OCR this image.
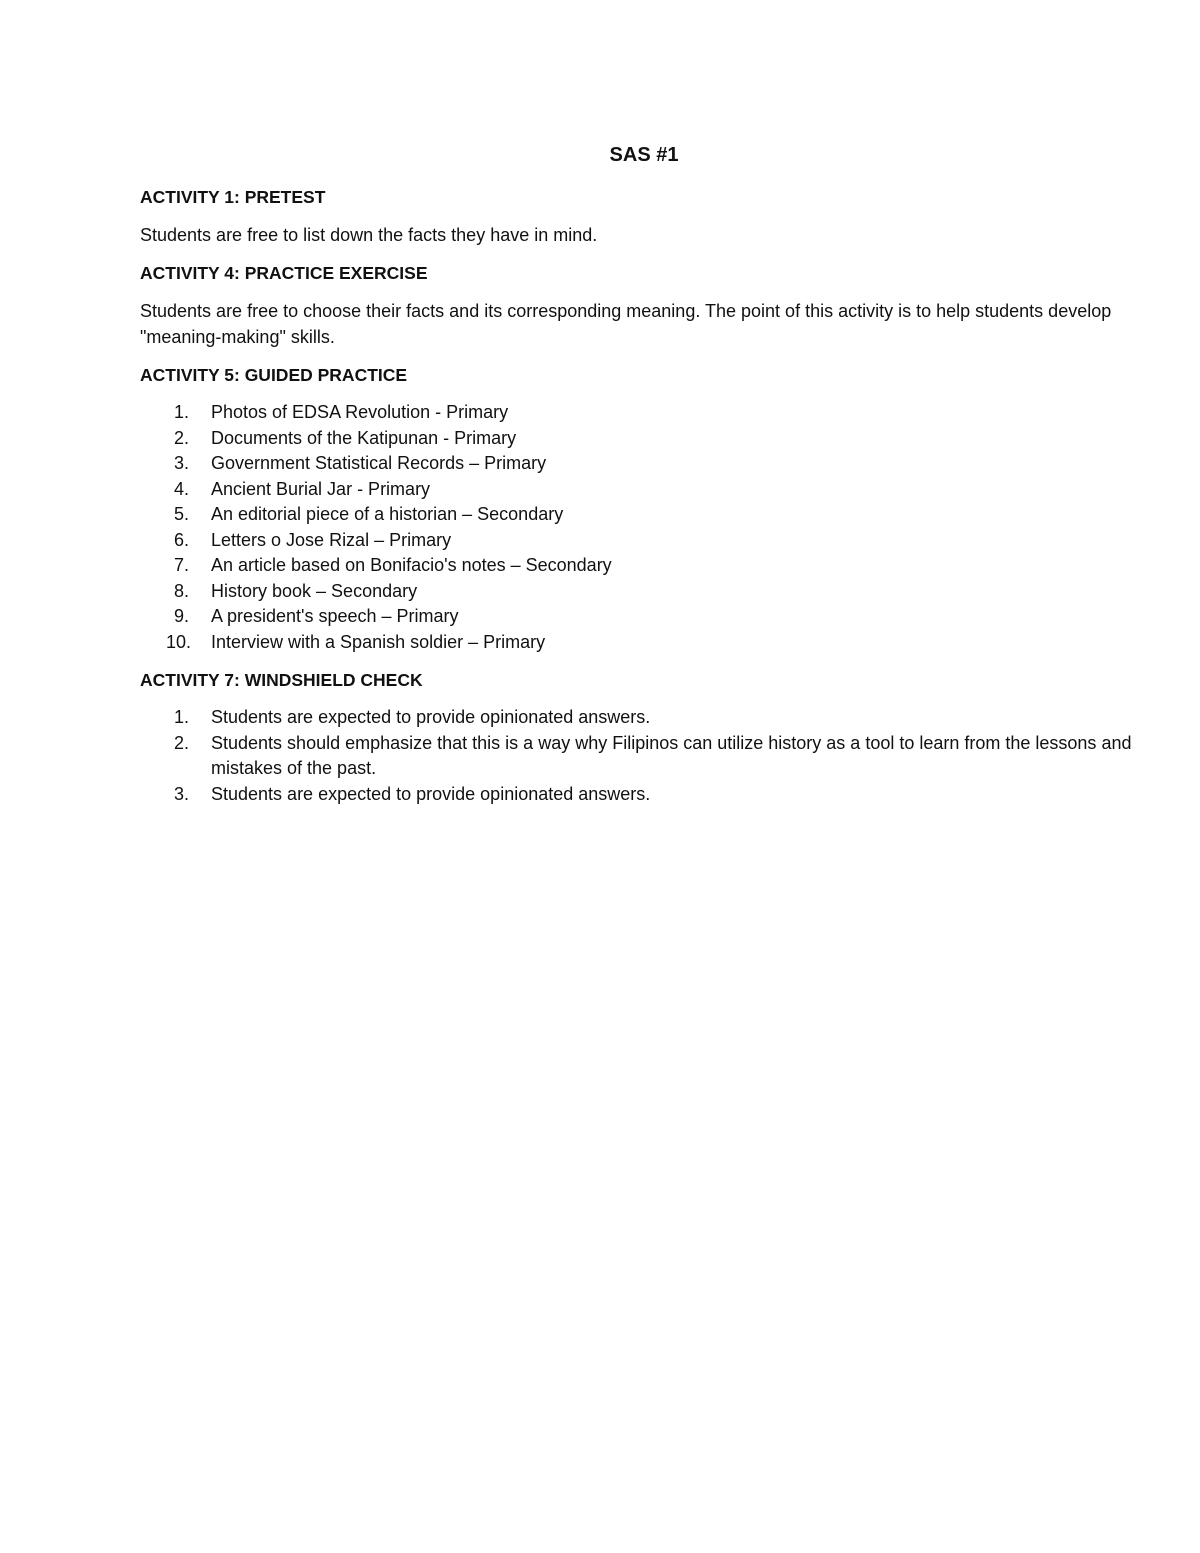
SAS #1
ACTIVITY 1: PRETEST
Students are free to list down the facts they have in mind.
ACTIVITY 4: PRACTICE EXERCISE
Students are free to choose their facts and its corresponding meaning. The point of this activity is to help students develop "meaning-making" skills.
ACTIVITY 5: GUIDED PRACTICE
1.	Photos of EDSA Revolution - Primary
2.	Documents of the Katipunan - Primary
3.	Government Statistical Records – Primary
4.	Ancient Burial Jar - Primary
5.	An editorial piece of a historian – Secondary
6.	Letters o Jose Rizal – Primary
7.	An article based on Bonifacio's notes – Secondary
8.	History book – Secondary
9.	A president's speech – Primary
10.	Interview with a Spanish soldier – Primary
ACTIVITY 7: WINDSHIELD CHECK
1.	Students are expected to provide opinionated answers.
2.	Students should emphasize that this is a way why Filipinos can utilize history as a tool to learn from the lessons and mistakes of the past.
3.	Students are expected to provide opinionated answers.
